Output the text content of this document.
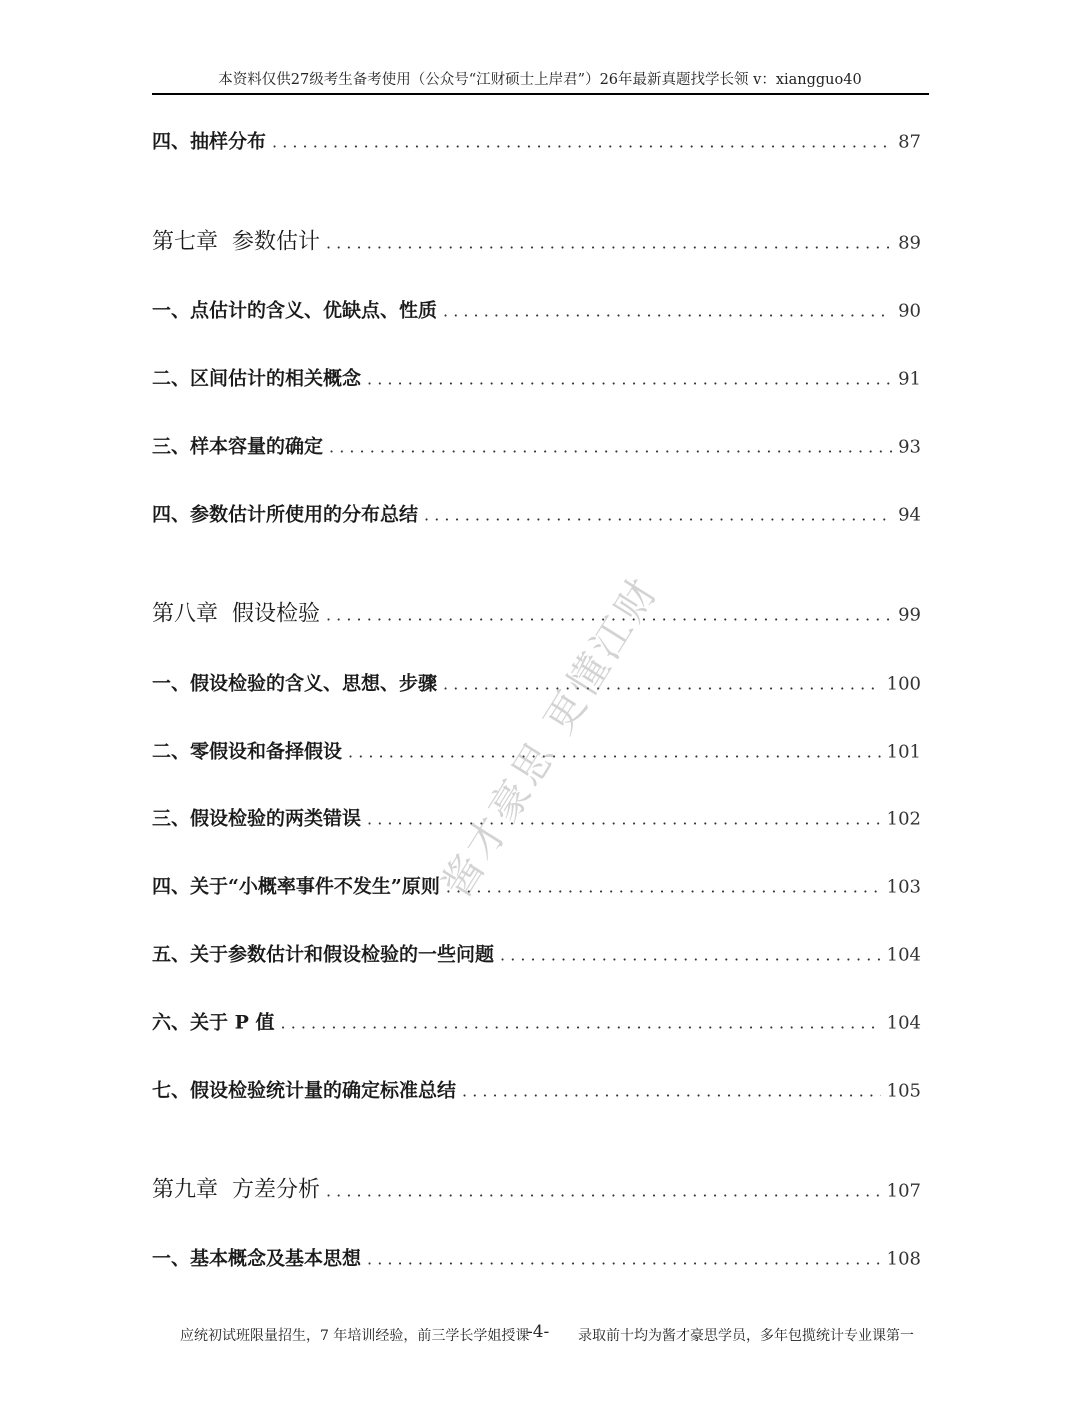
本资料仅供27级考生备考使用（公众号“江财硕士上岸君”）26年最新真题找学长领 v：xiangguo40
四、抽样分布 . . .	87
第七章  参数估计 . . .	89
一、点估计的含义、优缺点、性质 . . .	90
二、区间估计的相关概念 . . .	91
三、样本容量的确定 . . .	93
四、参数估计所使用的分布总结 . . .	94
第八章  假设检验 . . .	99
一、假设检验的含义、思想、步骤 . . .	100
二、零假设和备择假设 . . .	101
三、假设检验的两类错误 . . .	102
四、关于“小概率事件不发生”原则 . . .	103
五、关于参数估计和假设检验的一些问题 . . .	104
六、关于 P 值 . . .	104
七、假设检验统计量的确定标准总结 . . .	105
第九章  方差分析 . . .	107
一、基本概念及基本思想 . . .	108
酱才豪思 更懂江财
应统初试班限量招生，7 年培训经验，前三学长学姐授课
-4- 录取前十均为酱才豪思学员，多年包揽统计专业课第一
